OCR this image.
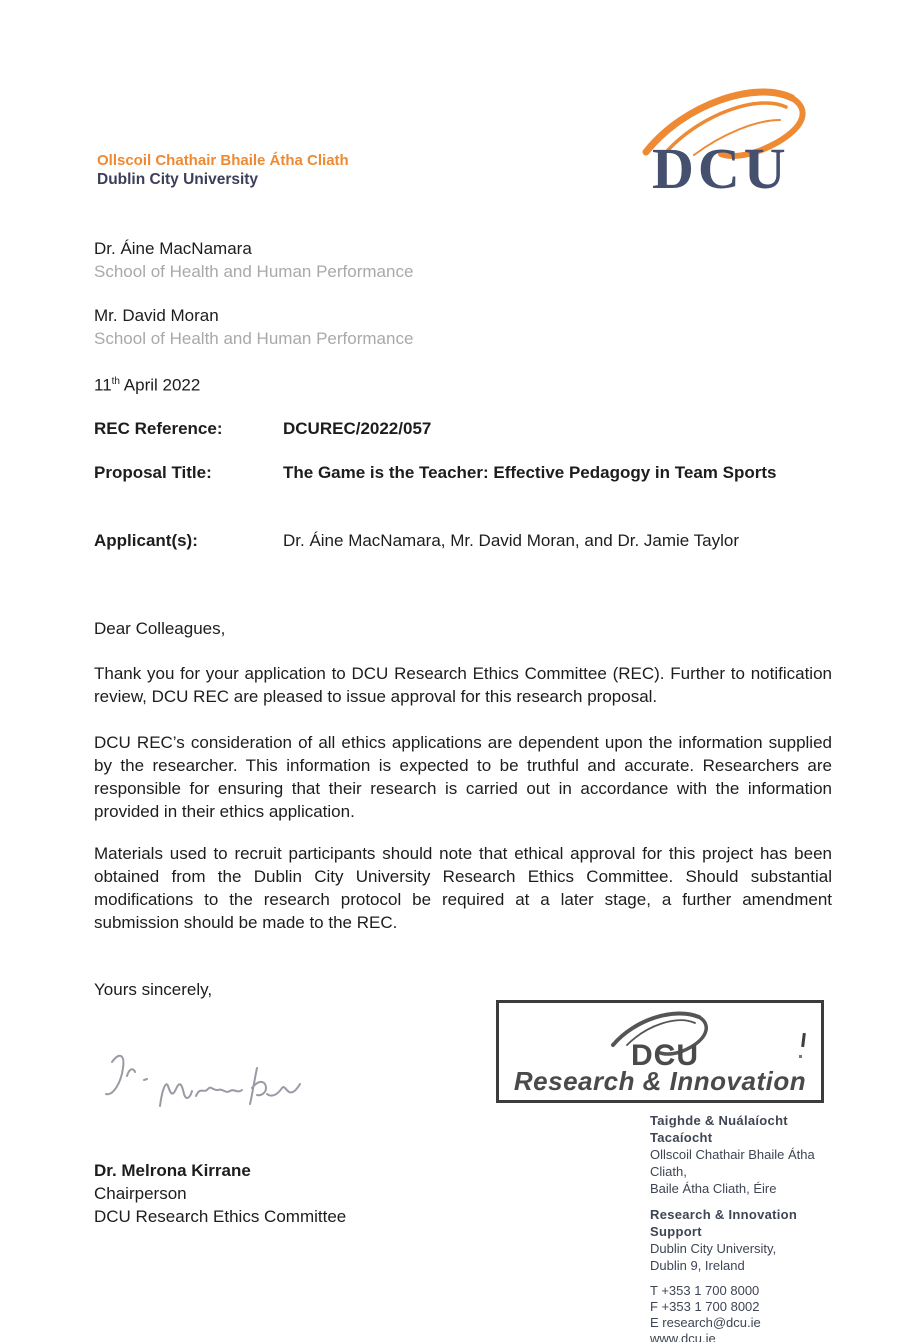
Ollscoil Chathair Bhaile Átha Cliath
Dublin City University	DCU
Dr. Áine MacNamara
School of Health and Human Performance
Mr. David Moran
School of Health and Human Performance
11th April 2022
REC Reference:	DCUREC/2022/057
Proposal Title:	The Game is the Teacher: Effective Pedagogy in Team Sports
Applicant(s):	Dr. Áine MacNamara, Mr. David Moran, and Dr. Jamie Taylor
Dear Colleagues,
Thank you for your application to DCU Research Ethics Committee (REC). Further to notification review, DCU REC are pleased to issue approval for this research proposal.
DCU REC’s consideration of all ethics applications are dependent upon the information supplied by the researcher. This information is expected to be truthful and accurate. Researchers are responsible for ensuring that their research is carried out in accordance with the information provided in their ethics application.
Materials used to recruit participants should note that ethical approval for this project has been obtained from the Dublin City University Research Ethics Committee. Should substantial modifications to the research protocol be required at a later stage, a further amendment submission should be made to the REC.
Yours sincerely,
DCU
Research & Innovation
Taighde & Nuálaíocht Tacaíocht
Ollscoil Chathair Bhaile Átha Cliath,
Baile Átha Cliath, Éire
Research & Innovation Support
Dublin City University,
Dublin 9, Ireland
T +353 1 700 8000
F +353 1 700 8002
E research@dcu.ie
www.dcu.ie
Dr. Melrona Kirrane
Chairperson
DCU Research Ethics Committee
